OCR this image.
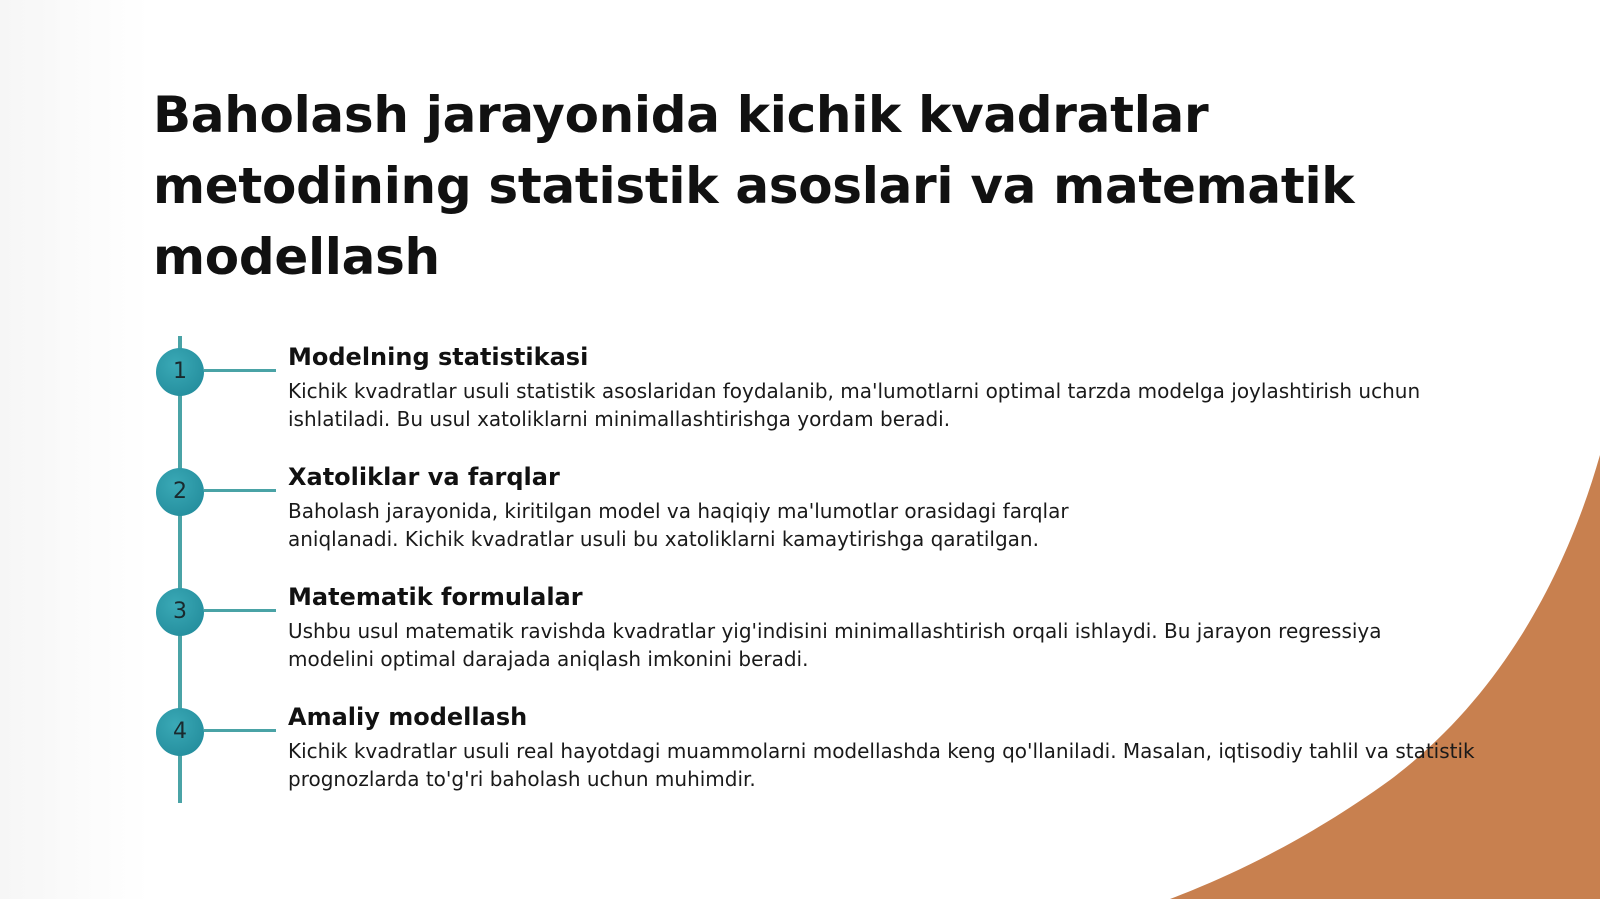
Baholash jarayonida kichik kvadratlar metodining statistik asoslari va matematik modellash
1
Modelning statistikasi

Kichik kvadratlar usuli statistik asoslaridan foydalanib, ma'lumotlarni optimal tarzda modelga joylashtirish uchun ishlatiladi. Bu usul xatoliklarni minimallashtirishga yordam beradi.

2
Xatoliklar va farqlar

Baholash jarayonida, kiritilgan model va haqiqiy ma'lumotlar orasidagi farqlar aniqlanadi. Kichik kvadratlar usuli bu xatoliklarni kamaytirishga qaratilgan.

3
Matematik formulalar

Ushbu usul matematik ravishda kvadratlar yig'indisini minimallashtirish orqali ishlaydi. Bu jarayon regressiya modelini optimal darajada aniqlash imkonini beradi.

4
Amaliy modellash

Kichik kvadratlar usuli real hayotdagi muammolarni modellashda keng qo'llaniladi. Masalan, iqtisodiy tahlil va statistik prognozlarda to'g'ri baholash uchun muhimdir.
